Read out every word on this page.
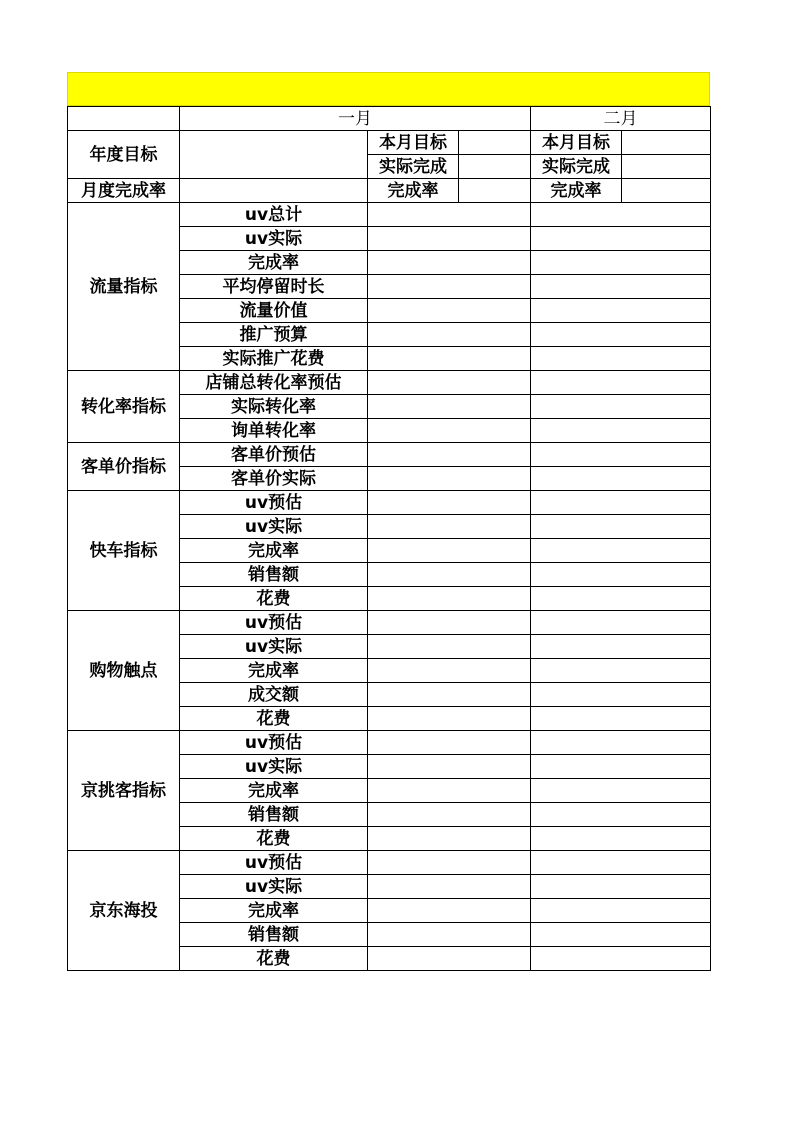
	一月			二月	
年度目标		本月目标		本月目标	
		实际完成		实际完成	
月度完成率		完成率		完成率	
流量指标	uv总计				
	uv实际				
	完成率				
	平均停留时长				
	流量价值				
	推广预算				
	实际推广花费				
转化率指标	店铺总转化率预估				
	实际转化率				
	询单转化率				
客单价指标	客单价预估				
	客单价实际				
快车指标	uv预估				
	uv实际				
	完成率				
	销售额				
	花费				
购物触点	uv预估				
	uv实际				
	完成率				
	成交额				
	花费				
京挑客指标	uv预估				
	uv实际				
	完成率				
	销售额				
	花费				
京东海投	uv预估				
	uv实际				
	完成率				
	销售额				
	花费				
